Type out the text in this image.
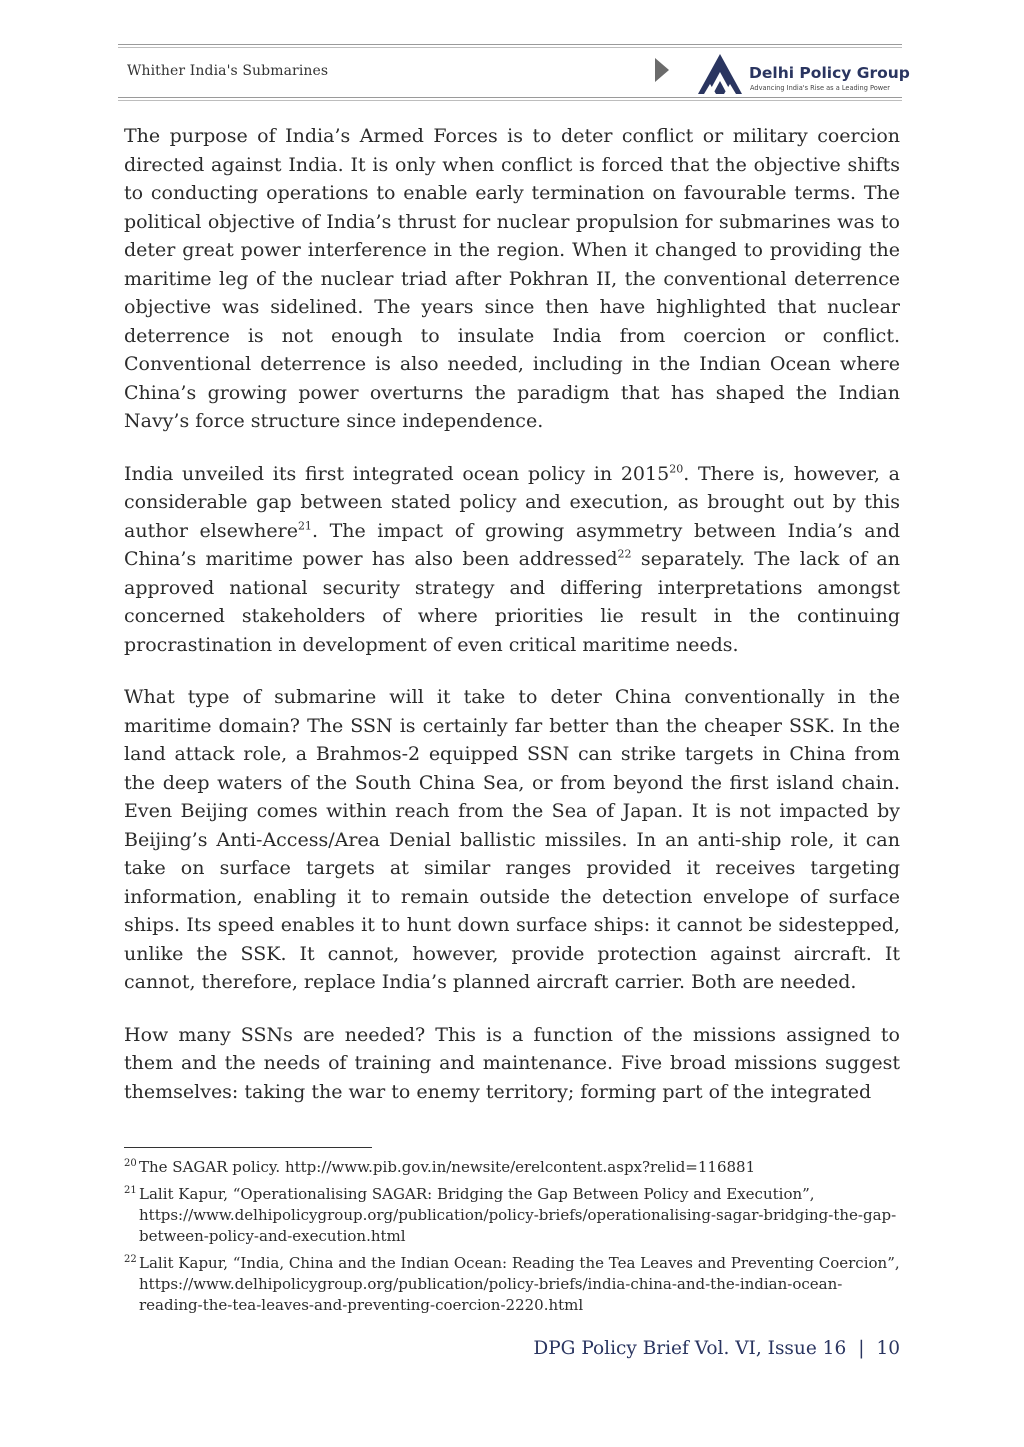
Whither India's Submarines	Delhi Policy Group
Advancing India's Rise as a Leading Power

The purpose of India’s Armed Forces is to deter conflict or military coercion directed against India. It is only when conflict is forced that the objective shifts to conducting operations to enable early termination on favourable terms. The political objective of India’s thrust for nuclear propulsion for submarines was to deter great power interference in the region. When it changed to providing the maritime leg of the nuclear triad after Pokhran II, the conventional deterrence objective was sidelined. The years since then have highlighted that nuclear deterrence is not enough to insulate India from coercion or conflict. Conventional deterrence is also needed, including in the Indian Ocean where China’s growing power overturns the paradigm that has shaped the Indian Navy’s force structure since independence.

India unveiled its first integrated ocean policy in 2015$^{20}$. There is, however, a considerable gap between stated policy and execution, as brought out by this author elsewhere$^{21}$. The impact of growing asymmetry between India’s and China’s maritime power has also been addressed$^{22}$ separately. The lack of an approved national security strategy and differing interpretations amongst concerned stakeholders of where priorities lie result in the continuing procrastination in development of even critical maritime needs.

What type of submarine will it take to deter China conventionally in the maritime domain? The SSN is certainly far better than the cheaper SSK. In the land attack role, a Brahmos-2 equipped SSN can strike targets in China from the deep waters of the South China Sea, or from beyond the first island chain. Even Beijing comes within reach from the Sea of Japan. It is not impacted by Beijing’s Anti-Access/Area Denial ballistic missiles. In an anti-ship role, it can take on surface targets at similar ranges provided it receives targeting information, enabling it to remain outside the detection envelope of surface ships. Its speed enables it to hunt down surface ships: it cannot be sidestepped, unlike the SSK. It cannot, however, provide protection against aircraft. It cannot, therefore, replace India’s planned aircraft carrier. Both are needed.

How many SSNs are needed? This is a function of the missions assigned to them and the needs of training and maintenance. Five broad missions suggest themselves: taking the war to enemy territory; forming part of the integrated

20 The SAGAR policy. http://www.pib.gov.in/newsite/erelcontent.aspx?relid=116881
21 Lalit Kapur, “Operationalising SAGAR: Bridging the Gap Between Policy and Execution”, https://www.delhipolicygroup.org/publication/policy-briefs/operationalising-sagar-bridging-the-gap-between-policy-and-execution.html
22 Lalit Kapur, “India, China and the Indian Ocean: Reading the Tea Leaves and Preventing Coercion”, https://www.delhipolicygroup.org/publication/policy-briefs/india-china-and-the-indian-ocean-reading-the-tea-leaves-and-preventing-coercion-2220.html
DPG Policy Brief Vol. VI, Issue 16 | 10
